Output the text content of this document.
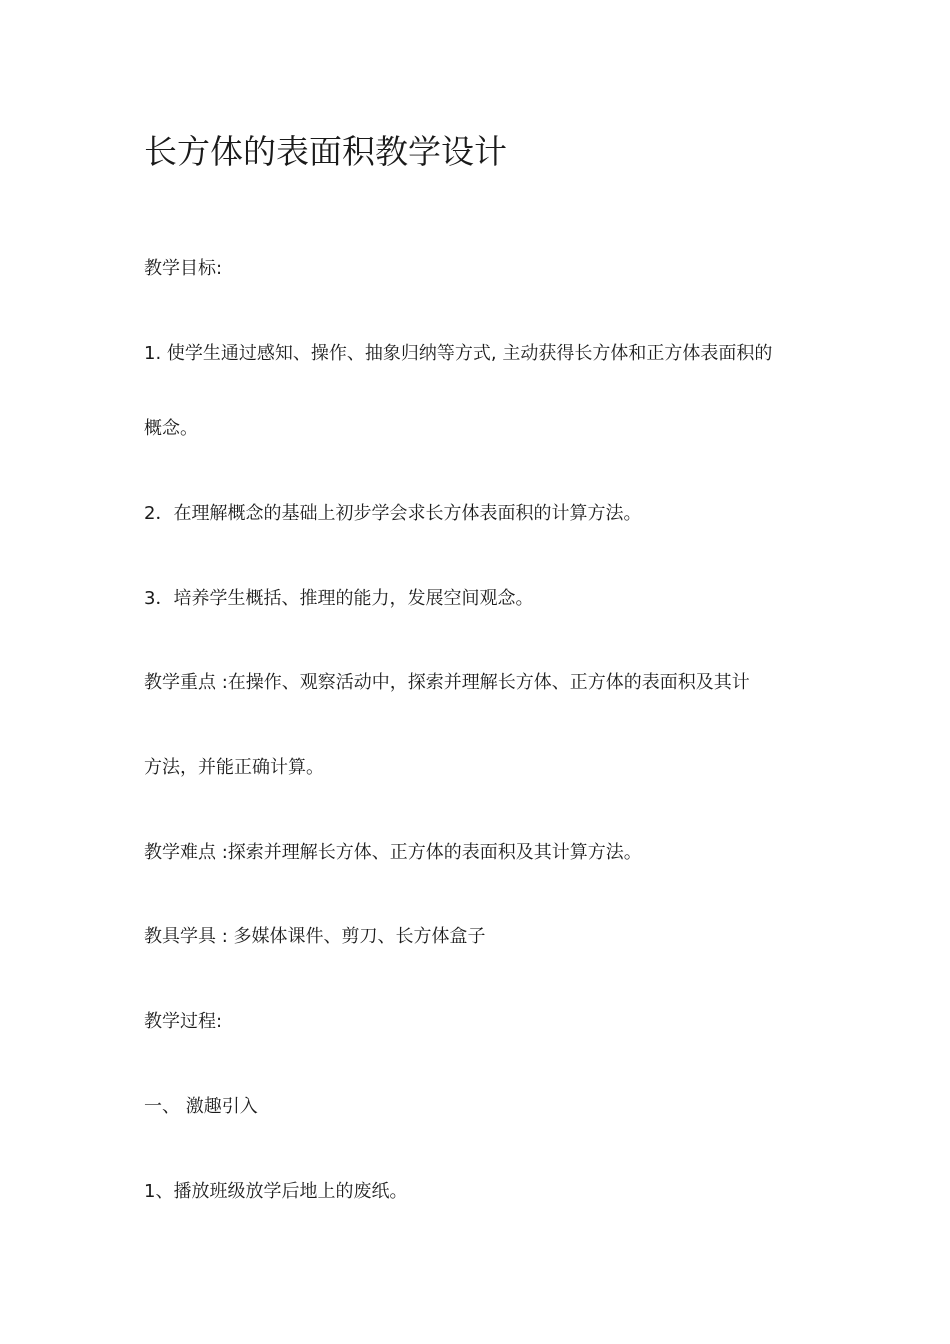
长方体的表面积教学设计

教学目标:

1. 使学生通过感知、操作、抽象归纳等方式, 主动获得长方体和正方体表面积的

概念。

2．在理解概念的基础上初步学会求长方体表面积的计算方法。

3．培养学生概括、推理的能力，发展空间观念。

教学重点 :在操作、观察活动中，探索并理解长方体、正方体的表面积及其计

方法，并能正确计算。

教学难点 :探索并理解长方体、正方体的表面积及其计算方法。

教具学具 : 多媒体课件、剪刀、长方体盒子

教学过程:

一、 激趣引入

1、播放班级放学后地上的废纸。
